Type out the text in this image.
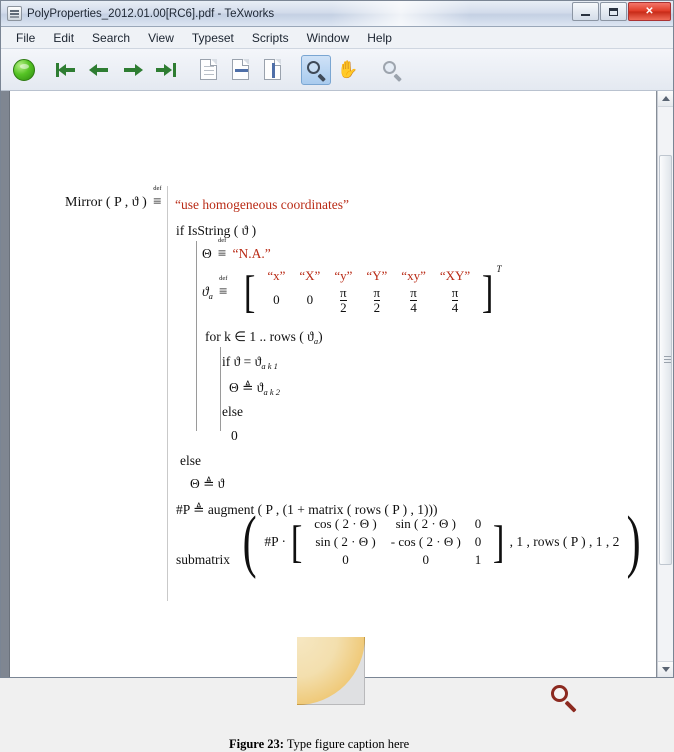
PolyProperties_2012.01.00[RC6].pdf - TeXworks	✕
File	Edit	Search	View	Typeset	Scripts	Window	Help
✋
Mirror ( P , ϑ )
def
≡ “use homogeneous coordinates”
if IsString ( ϑ )
Θ
def
≡ “N.A.”
$ϑ_a$
def
≡ [ “x”	“X”	“y”	“Y”	“xy”	“XY”
0	0	$\frac{\pi}{2}$	$\frac{\pi}{2}$	$\frac{\pi}{4}$	$\frac{\pi}{4}$ ] $^T$
for k ∈ 1 .. rows ( $ϑ_a$)
if $ϑ = ϑ_{a k 1}$
Θ ≜ $ϑ_{a k 2}$
else
0
else
Θ ≜ ϑ
#P ≜ augment ( P , (1 + matrix ( rows ( P ) , 1)))
submatrix ( #P · [ cos ( 2 · Θ )	sin ( 2 · Θ )	0
sin ( 2 · Θ )	- cos ( 2 · Θ )	0
0	0	1 ] , 1 , rows ( P ) , 1 , 2 )
Figure 23: Type figure caption here
